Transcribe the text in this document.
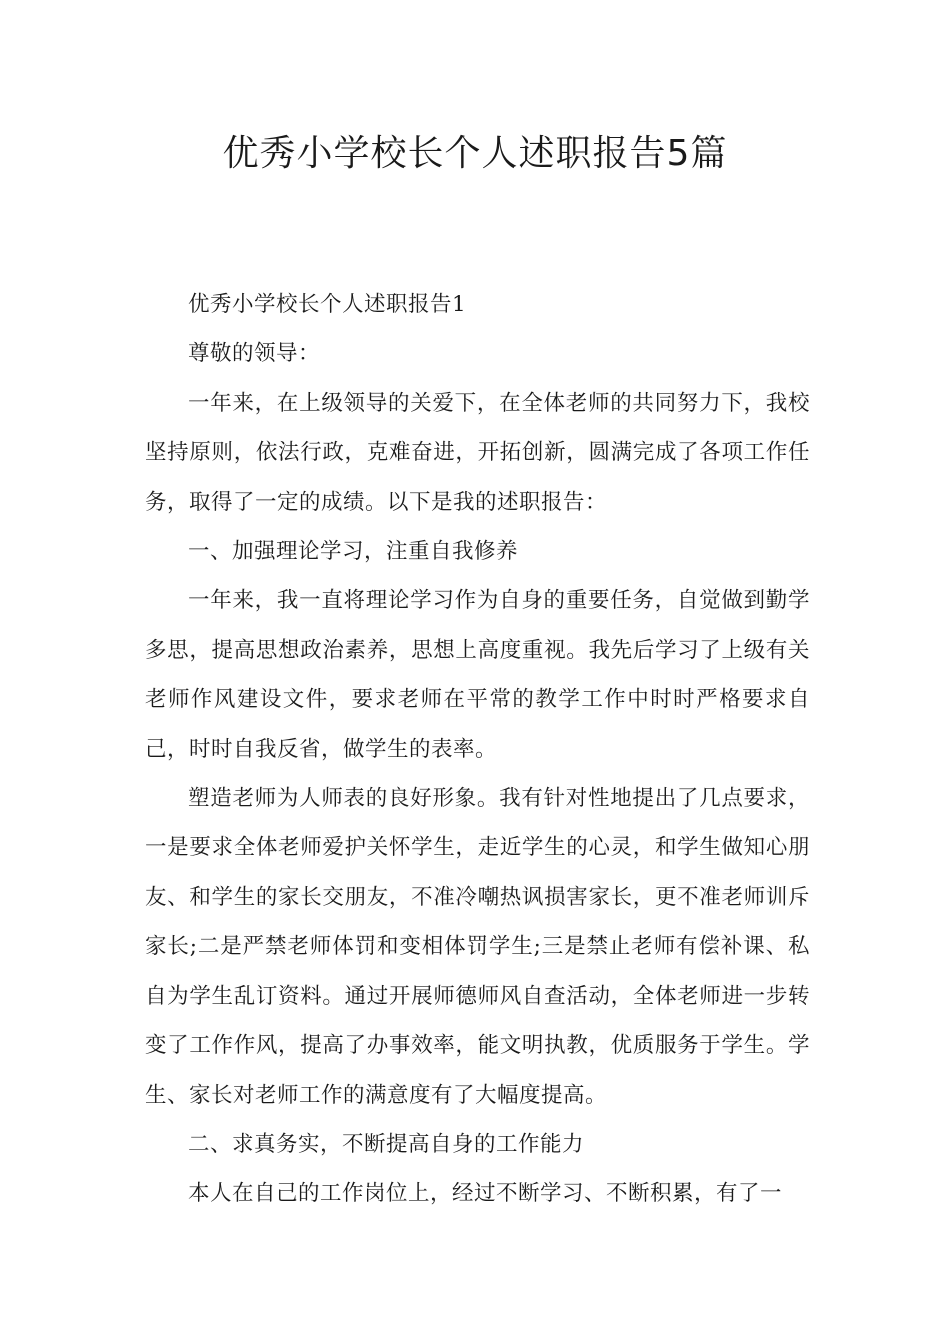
优秀小学校长个人述职报告5篇

优秀小学校长个人述职报告1

尊敬的领导：

一年来，在上级领导的关爱下，在全体老师的共同努力下，我校坚持原则，依法行政，克难奋进，开拓创新，圆满完成了各项工作任务，取得了一定的成绩。以下是我的述职报告：

一、加强理论学习，注重自我修养

一年来，我一直将理论学习作为自身的重要任务，自觉做到勤学多思，提高思想政治素养，思想上高度重视。我先后学习了上级有关老师作风建设文件，要求老师在平常的教学工作中时时严格要求自己，时时自我反省，做学生的表率。

塑造老师为人师表的良好形象。我有针对性地提出了几点要求，一是要求全体老师爱护关怀学生，走近学生的心灵，和学生做知心朋友、和学生的家长交朋友，不准冷嘲热讽损害家长，更不准老师训斥家长;二是严禁老师体罚和变相体罚学生;三是禁止老师有偿补课、私自为学生乱订资料。通过开展师德师风自查活动，全体老师进一步转变了工作作风，提高了办事效率，能文明执教，优质服务于学生。学生、家长对老师工作的满意度有了大幅度提高。

二、求真务实，不断提高自身的工作能力

本人在自己的工作岗位上，经过不断学习、不断积累，有了一
